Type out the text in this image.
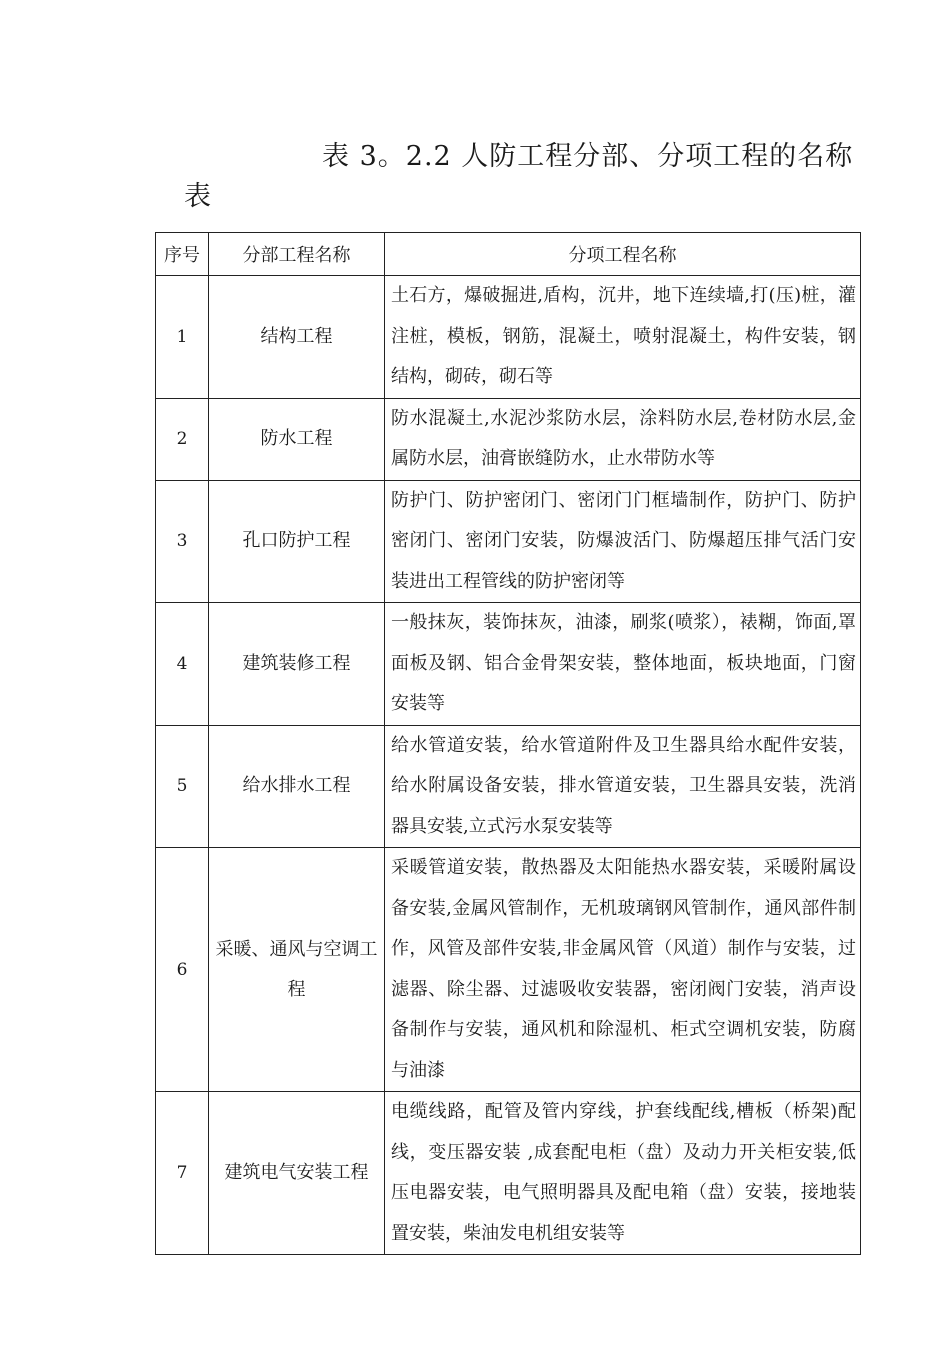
表 3。2.2 人防工程分部、分项工程的名称
表
序号	分部工程名称	分项工程名称
1	结构工程	土石方，爆破掘进,盾构，沉井，地下连续墙,打(压)桩，灌注桩，模板，钢筋，混凝土，喷射混凝土，构件安装，钢结构，砌砖，砌石等
2	防水工程	防水混凝土,水泥沙浆防水层，涂料防水层,卷材防水层,金属防水层，油膏嵌缝防水，止水带防水等
3	孔口防护工程	防护门、防护密闭门、密闭门门框墙制作，防护门、防护密闭门、密闭门安装，防爆波活门、防爆超压排气活门安装进出工程管线的防护密闭等
4	建筑装修工程	一般抹灰，装饰抹灰，油漆，刷浆(喷浆），裱糊，饰面,罩面板及钢、铝合金骨架安装，整体地面，板块地面，门窗安装等
5	给水排水工程	给水管道安装，给水管道附件及卫生器具给水配件安装，给水附属设备安装，排水管道安装，卫生器具安装，洗消器具安装,立式污水泵安装等
6	采暖、通风与空调工程	采暖管道安装，散热器及太阳能热水器安装，采暖附属设备安装,金属风管制作，无机玻璃钢风管制作，通风部件制作，风管及部件安装,非金属风管（风道）制作与安装，过滤器、除尘器、过滤吸收安装器，密闭阀门安装，消声设备制作与安装，通风机和除湿机、柜式空调机安装，防腐与油漆
7	建筑电气安装工程	电缆线路，配管及管内穿线，护套线配线,槽板（桥架)配线，变压器安装 ,成套配电柜（盘）及动力开关柜安装,低压电器安装，电气照明器具及配电箱（盘）安装，接地装置安装，柴油发电机组安装等
